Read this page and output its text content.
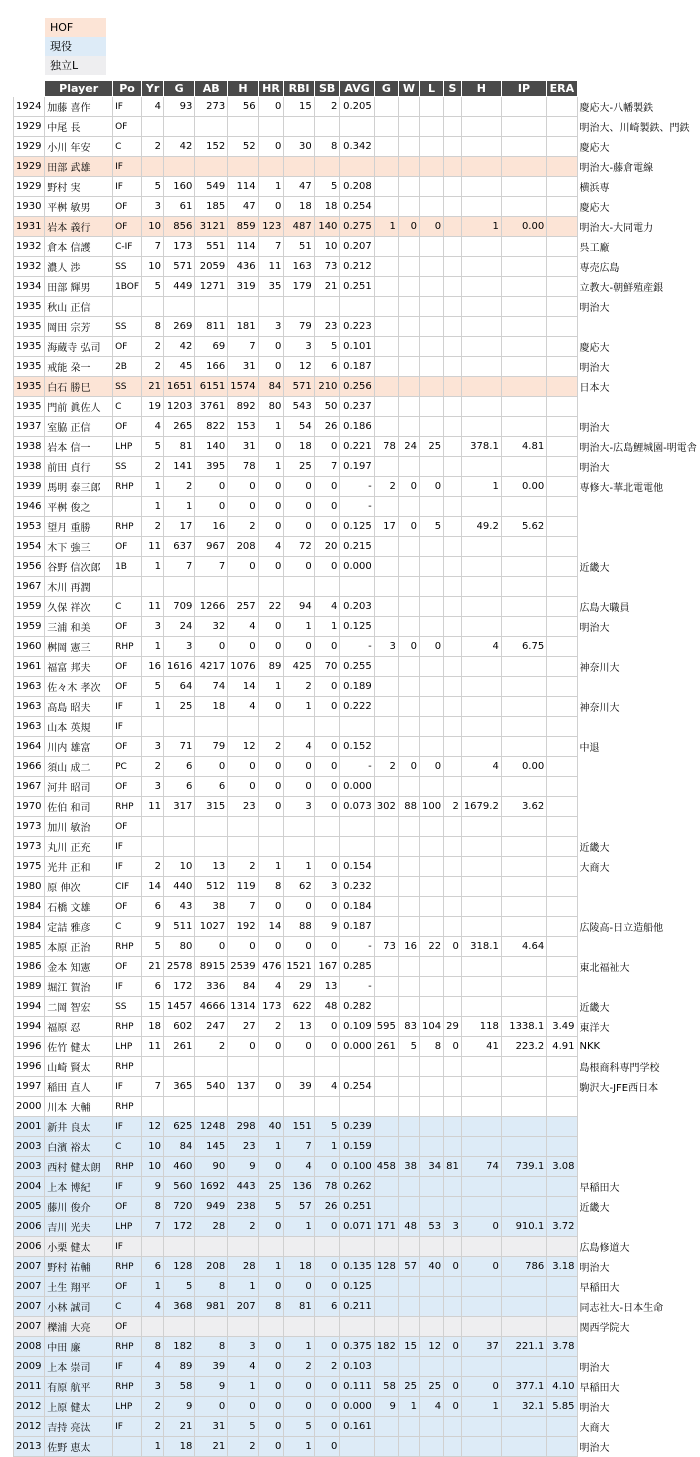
HOF
現役
独立L
	Player	Po	Yr	G	AB	H	HR	RBI	SB	AVG	G	W	L	S	H	IP	ERA	
1924	加藤 喜作	IF	4	93	273	56	0	15	2	0.205								慶応大-八幡製鉄
1929	中尾 長	OF																明治大、川崎製鉄、門鉄
1929	小川 年安	C	2	42	152	52	0	30	8	0.342								慶応大
1929	田部 武雄	IF																明治大-藤倉電線
1929	野村 実	IF	5	160	549	114	1	47	5	0.208								横浜専
1930	平桝 敏男	OF	3	61	185	47	0	18	18	0.254								慶応大
1931	岩本 義行	OF	10	856	3121	859	123	487	140	0.275	1	0	0		1	0.00		明治大-大同電力
1932	倉本 信護	C-IF	7	173	551	114	7	51	10	0.207								呉工廠
1932	濃人 渉	SS	10	571	2059	436	11	163	73	0.212								専売広島
1934	田部 輝男	1BOF	5	449	1271	319	35	179	21	0.251								立教大-朝鮮殖産銀
1935	秋山 正信																	明治大
1935	岡田 宗芳	SS	8	269	811	181	3	79	23	0.223								
1935	海蔵寺 弘司	OF	2	42	69	7	0	3	5	0.101								慶応大
1935	戒能 朶一	2B	2	45	166	31	0	12	6	0.187								明治大
1935	白石 勝巳	SS	21	1651	6151	1574	84	571	210	0.256								日本大
1935	門前 眞佐人	C	19	1203	3761	892	80	543	50	0.237								
1937	室脇 正信	OF	4	265	822	153	1	54	26	0.186								明治大
1938	岩本 信一	LHP	5	81	140	31	0	18	0	0.221	78	24	25		378.1	4.81		明治大-広島鯉城園-明電舎
1938	前田 貞行	SS	2	141	395	78	1	25	7	0.197								明治大
1939	馬明 泰三郎	RHP	1	2	0	0	0	0	0	-	2	0	0		1	0.00		専修大-華北電電他
1946	平桝 俊之		1	1	0	0	0	0	0	-								
1953	望月 重勝	RHP	2	17	16	2	0	0	0	0.125	17	0	5		49.2	5.62		
1954	木下 強三	OF	11	637	967	208	4	72	20	0.215								
1956	谷野 信次郎	1B	1	7	7	0	0	0	0	0.000								近畿大
1967	木川 再潤																	
1959	久保 祥次	C	11	709	1266	257	22	94	4	0.203								広島大職員
1959	三浦 和美	OF	3	24	32	4	0	1	1	0.125								明治大
1960	桝岡 憲三	RHP	1	3	0	0	0	0	0	-	3	0	0		4	6.75		
1961	福富 邦夫	OF	16	1616	4217	1076	89	425	70	0.255								神奈川大
1963	佐々木 孝次	OF	5	64	74	14	1	2	0	0.189								
1963	高島 昭夫	IF	1	25	18	4	0	1	0	0.222								神奈川大
1963	山本 英規	IF																
1964	川内 雄富	OF	3	71	79	12	2	4	0	0.152								中退
1966	須山 成二	PC	2	6	0	0	0	0	0	-	2	0	0		4	0.00		
1967	河井 昭司	OF	3	6	6	0	0	0	0	0.000								
1970	佐伯 和司	RHP	11	317	315	23	0	3	0	0.073	302	88	100	2	1679.2	3.62		
1973	加川 敏治	OF																
1973	丸川 正充	IF																近畿大
1975	光井 正和	IF	2	10	13	2	1	1	0	0.154								大商大
1980	原 伸次	CIF	14	440	512	119	8	62	3	0.232								
1984	石橋 文雄	OF	6	43	38	7	0	0	0	0.184								
1984	定詰 雅彦	C	9	511	1027	192	14	88	9	0.187								広陵高-日立造船他
1985	本原 正治	RHP	5	80	0	0	0	0	0	-	73	16	22	0	318.1	4.64		
1986	金本 知憲	OF	21	2578	8915	2539	476	1521	167	0.285								東北福祉大
1989	堀江 賀治	IF	6	172	336	84	4	29	13	-								
1994	二岡 智宏	SS	15	1457	4666	1314	173	622	48	0.282								近畿大
1994	福原 忍	RHP	18	602	247	27	2	13	0	0.109	595	83	104	29	118	1338.1	3.49	東洋大
1996	佐竹 健太	LHP	11	261	2	0	0	0	0	0.000	261	5	8	0	41	223.2	4.91	NKK
1996	山崎 賢太	RHP																島根商科専門学校
1997	稲田 直人	IF	7	365	540	137	0	39	4	0.254								駒沢大-JFE西日本
2000	川本 大輔	RHP																
2001	新井 良太	IF	12	625	1248	298	40	151	5	0.239								
2003	白濱 裕太	C	10	84	145	23	1	7	1	0.159								
2003	西村 健太朗	RHP	10	460	90	9	0	4	0	0.100	458	38	34	81	74	739.1	3.08	
2004	上本 博紀	IF	9	560	1692	443	25	136	78	0.262								早稲田大
2005	藤川 俊介	OF	8	720	949	238	5	57	26	0.251								近畿大
2006	吉川 光夫	LHP	7	172	28	2	0	1	0	0.071	171	48	53	3	0	910.1	3.72	
2006	小栗 健太	IF																広島修道大
2007	野村 祐輔	RHP	6	128	208	28	1	18	0	0.135	128	57	40	0	0	786	3.18	明治大
2007	土生 翔平	OF	1	5	8	1	0	0	0	0.125								早稲田大
2007	小林 誠司	C	4	368	981	207	8	81	6	0.211								同志社大-日本生命
2007	櫟浦 大亮	OF																関西学院大
2008	中田 廉	RHP	8	182	8	3	0	1	0	0.375	182	15	12	0	37	221.1	3.78	
2009	上本 崇司	IF	4	89	39	4	0	2	2	0.103								明治大
2011	有原 航平	RHP	3	58	9	1	0	0	0	0.111	58	25	25	0	0	377.1	4.10	早稲田大
2012	上原 健太	LHP	2	9	0	0	0	0	0	0.000	9	1	4	0	1	32.1	5.85	明治大
2012	吉持 亮汰	IF	2	21	31	5	0	5	0	0.161								大商大
2013	佐野 恵太		1	18	21	2	0	1	0									明治大
